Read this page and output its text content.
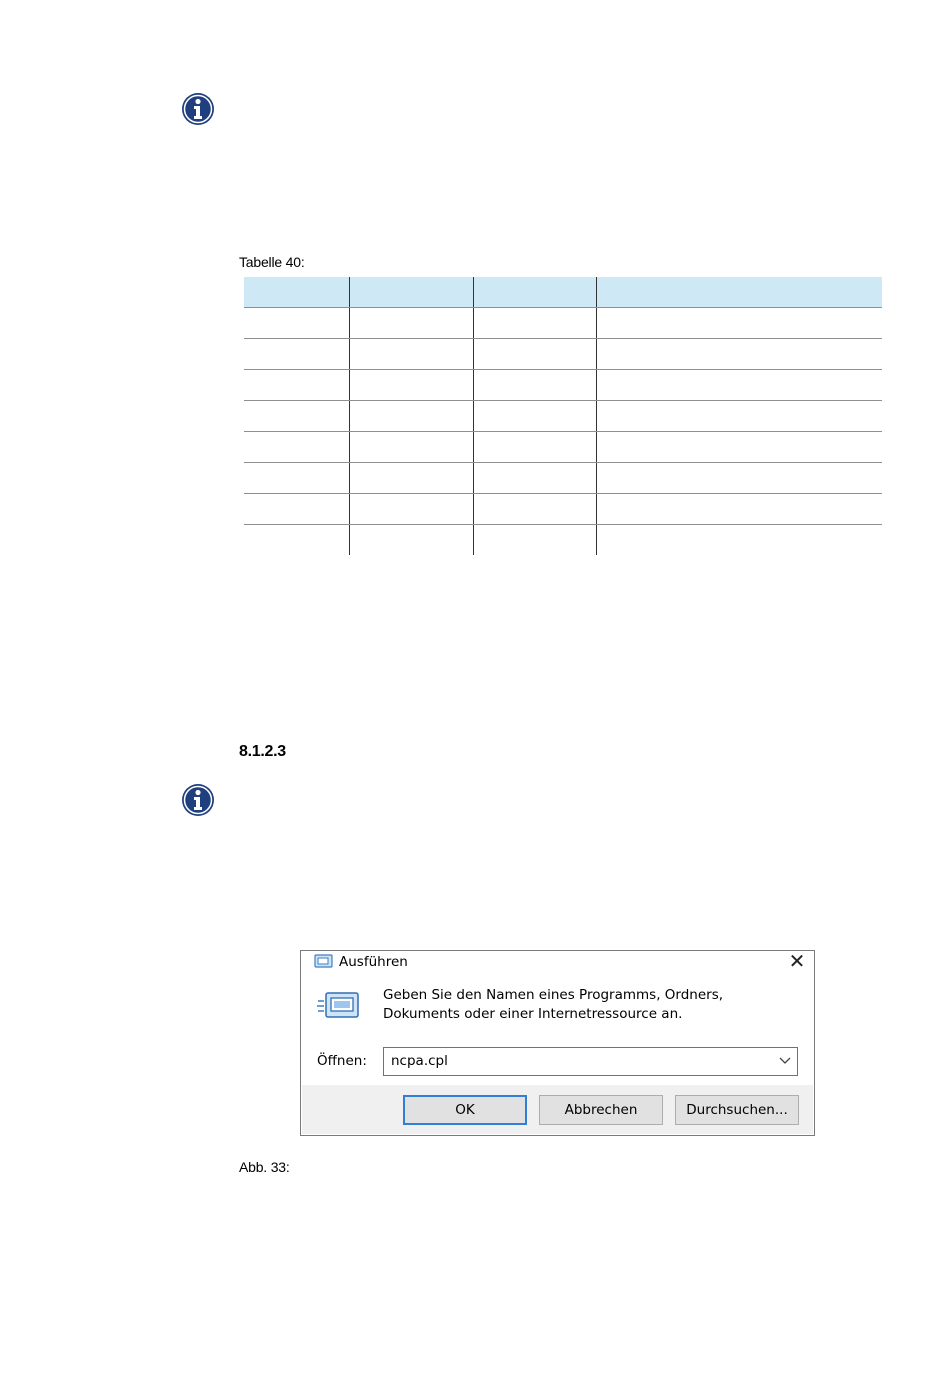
Tabelle 40:

8.1.2.3
Ausführen	✕
Geben Sie den Namen eines Programms, Ordners,
Dokuments oder einer Internetressource an.
Öffnen:
ncpa.cpl
OK	Abbrechen	Durchsuchen...
Abb. 33:
